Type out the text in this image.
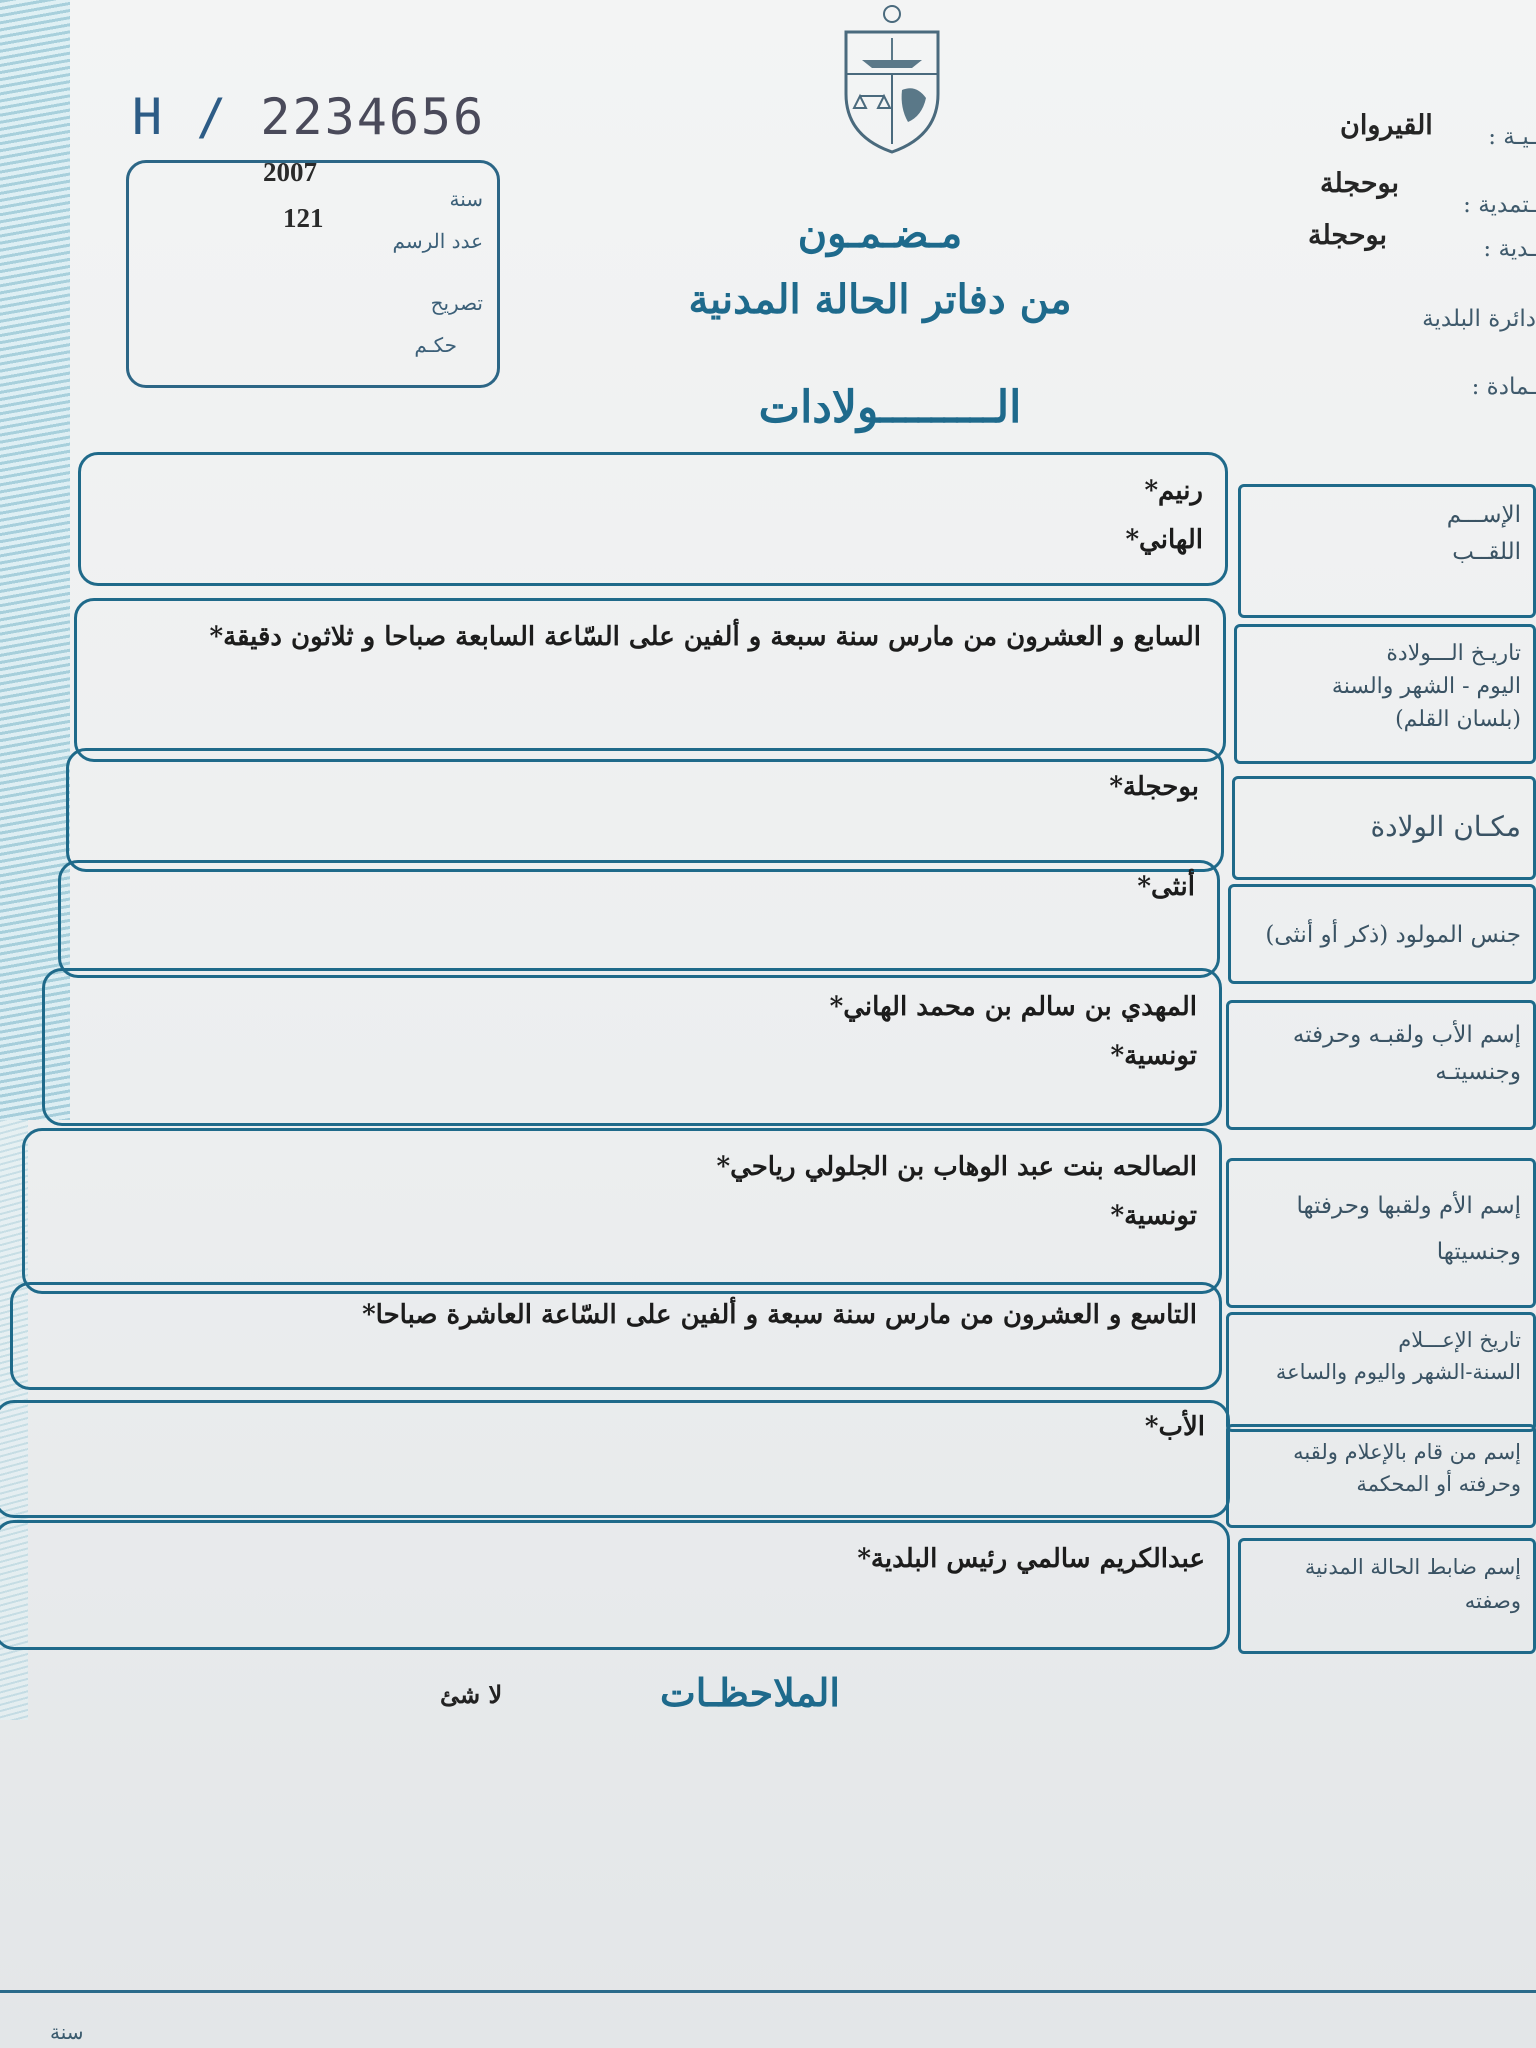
H / 2234656
2007
121
سنة
عدد الرسم
تصريح
حكـم
مـضـمـون
من دفاتر الحالة المدنية
الـــــــــولادات
ـيـة :
ـتمدية :
ـدية :
دائرة البلدية
ـمادة :
القيروان
بوحجلة
بوحجلة
الإســـم
اللقــب
رنيم*
الهاني*
تاريـخ الـــولادة
اليوم - الشهر والسنة
(بلسان القلم)
السابع و العشرون من مارس سنة سبعة و ألفين على السّاعة السابعة صباحا و ثلاثون دقيقة*
مكـان الولادة
بوحجلة*
جنس المولود (ذكر أو أنثى)
أنثى*
إسم الأب ولقبـه وحرفته
وجنسيتـه
المهدي بن سالم بن محمد الهاني*
تونسية*
إسم الأم ولقبها وحرفتها
وجنسيتها
الصالحه بنت عبد الوهاب بن الجلولي رياحي*
تونسية*
تاريخ الإعـــلام
السنة-الشهر واليوم والساعة
التاسع و العشرون من مارس سنة سبعة و ألفين على السّاعة العاشرة صباحا*
إسم من قام بالإعلام ولقبه
وحرفته أو المحكمة
الأب*
إسم ضابط الحالة المدنية
وصفته
عبدالكريم سالمي رئيس البلدية*
الملاحظـات
لا شئ
سنة
